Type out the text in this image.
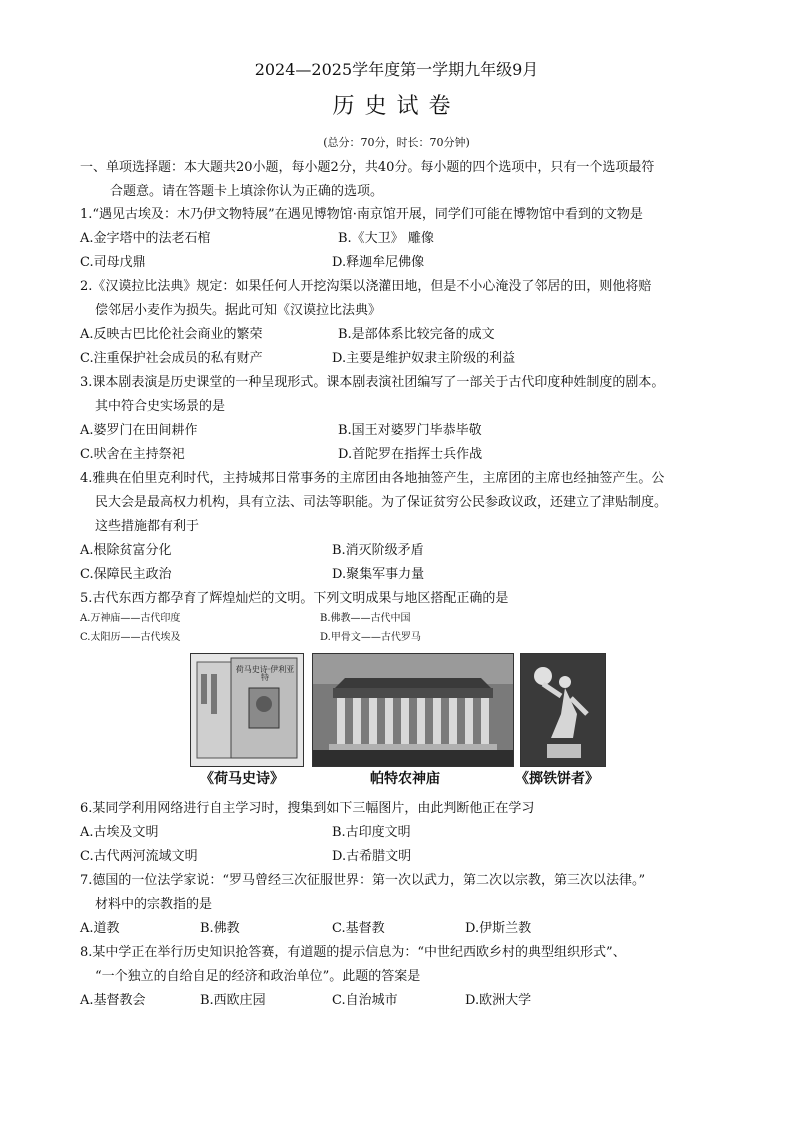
2024—2025学年度第一学期九年级9月
历史试卷
(总分：70分，时长：70分钟)
一、单项选择题：本大题共20小题，每小题2分，共40分。每小题的四个选项中，只有一个选项最符
合题意。请在答题卡上填涂你认为正确的选项。
1.“遇见古埃及：木乃伊文物特展”在遇见博物馆·南京馆开展，同学们可能在博物馆中看到的文物是
A.金字塔中的法老石棺	B.《大卫》 雕像
C.司母戊鼎	D.释迦牟尼佛像
2.《汉谟拉比法典》规定：如果任何人开挖沟渠以浇灌田地，但是不小心淹没了邻居的田，则他将赔
偿邻居小麦作为损失。据此可知《汉谟拉比法典》
A.反映古巴比伦社会商业的繁荣	B.是部体系比较完备的成文
C.注重保护社会成员的私有财产	D.主要是维护奴隶主阶级的利益
3.课本剧表演是历史课堂的一种呈现形式。课本剧表演社团编写了一部关于古代印度种姓制度的剧本。
其中符合史实场景的是
A.婆罗门在田间耕作	B.国王对婆罗门毕恭毕敬
C.吠舍在主持祭祀	D.首陀罗在指挥士兵作战
4.雅典在伯里克利时代，主持城邦日常事务的主席团由各地抽签产生，主席团的主席也经抽签产生。公
民大会是最高权力机构，具有立法、司法等职能。为了保证贫穷公民参政议政，还建立了津贴制度。
这些措施都有利于
A.根除贫富分化	B.消灭阶级矛盾
C.保障民主政治	D.聚集军事力量
5.古代东西方都孕育了辉煌灿烂的文明。下列文明成果与地区搭配正确的是
A.万神庙——古代印度	B.佛教——古代中国
C.太阳历——古代埃及	D.甲骨文——古代罗马
荷马史诗·伊利亚特
《荷马史诗》	帕特农神庙	《掷铁饼者》
6.某同学利用网络进行自主学习时，搜集到如下三幅图片，由此判断他正在学习
A.古埃及文明	B.古印度文明
C.古代两河流域文明	D.古希腊文明
7.德国的一位法学家说：“罗马曾经三次征服世界：第一次以武力，第二次以宗教，第三次以法律。”
材料中的宗教指的是
A.道教	B.佛教	C.基督教	D.伊斯兰教
8.某中学正在举行历史知识抢答赛，有道题的提示信息为：“中世纪西欧乡村的典型组织形式”、
“一个独立的自给自足的经济和政治单位”。此题的答案是
A.基督教会	B.西欧庄园	C.自治城市	D.欧洲大学
